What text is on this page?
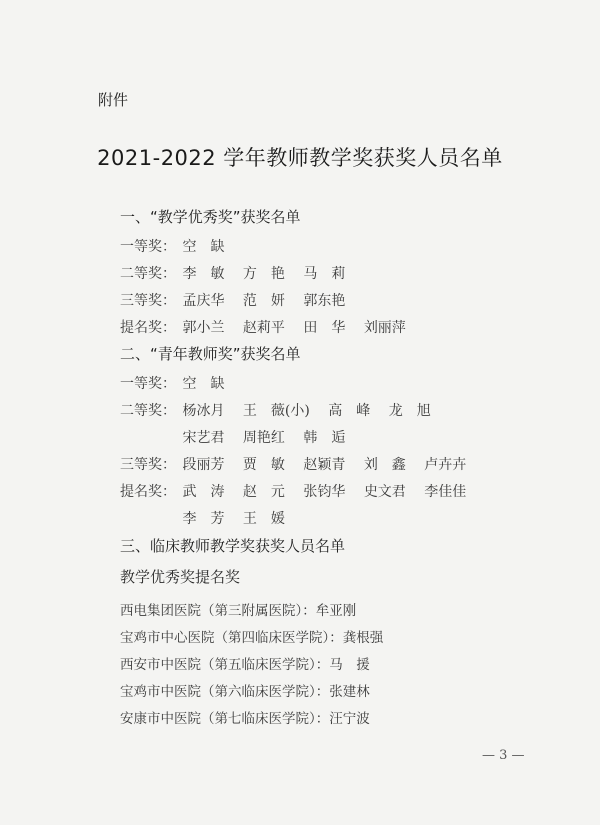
附件
2021-2022 学年教师教学奖获奖人员名单
一、“教学优秀奖”获奖名单
一等奖： 空　缺
二等奖： 李　敏 方　艳 马　莉
三等奖： 孟庆华 范　妍 郭东艳
提名奖： 郭小兰 赵莉平 田　华 刘丽萍
二、“青年教师奖”获奖名单
一等奖： 空　缺
二等奖： 杨冰月 王　薇(小) 高　峰 龙　旭
宋艺君 周艳红 韩　逅
三等奖： 段丽芳 贾　敏 赵颖青 刘　鑫 卢卉卉
提名奖： 武　涛 赵　元 张钧华 史文君 李佳佳
李　芳 王　媛
三、临床教师教学奖获奖人员名单
教学优秀奖提名奖
西电集团医院（第三附属医院）：牟亚刚
宝鸡市中心医院（第四临床医学院）：龚根强
西安市中医院（第五临床医学院）：马　援
宝鸡市中医院（第六临床医学院）：张建林
安康市中医院（第七临床医学院）：汪宁波
— 3 —
